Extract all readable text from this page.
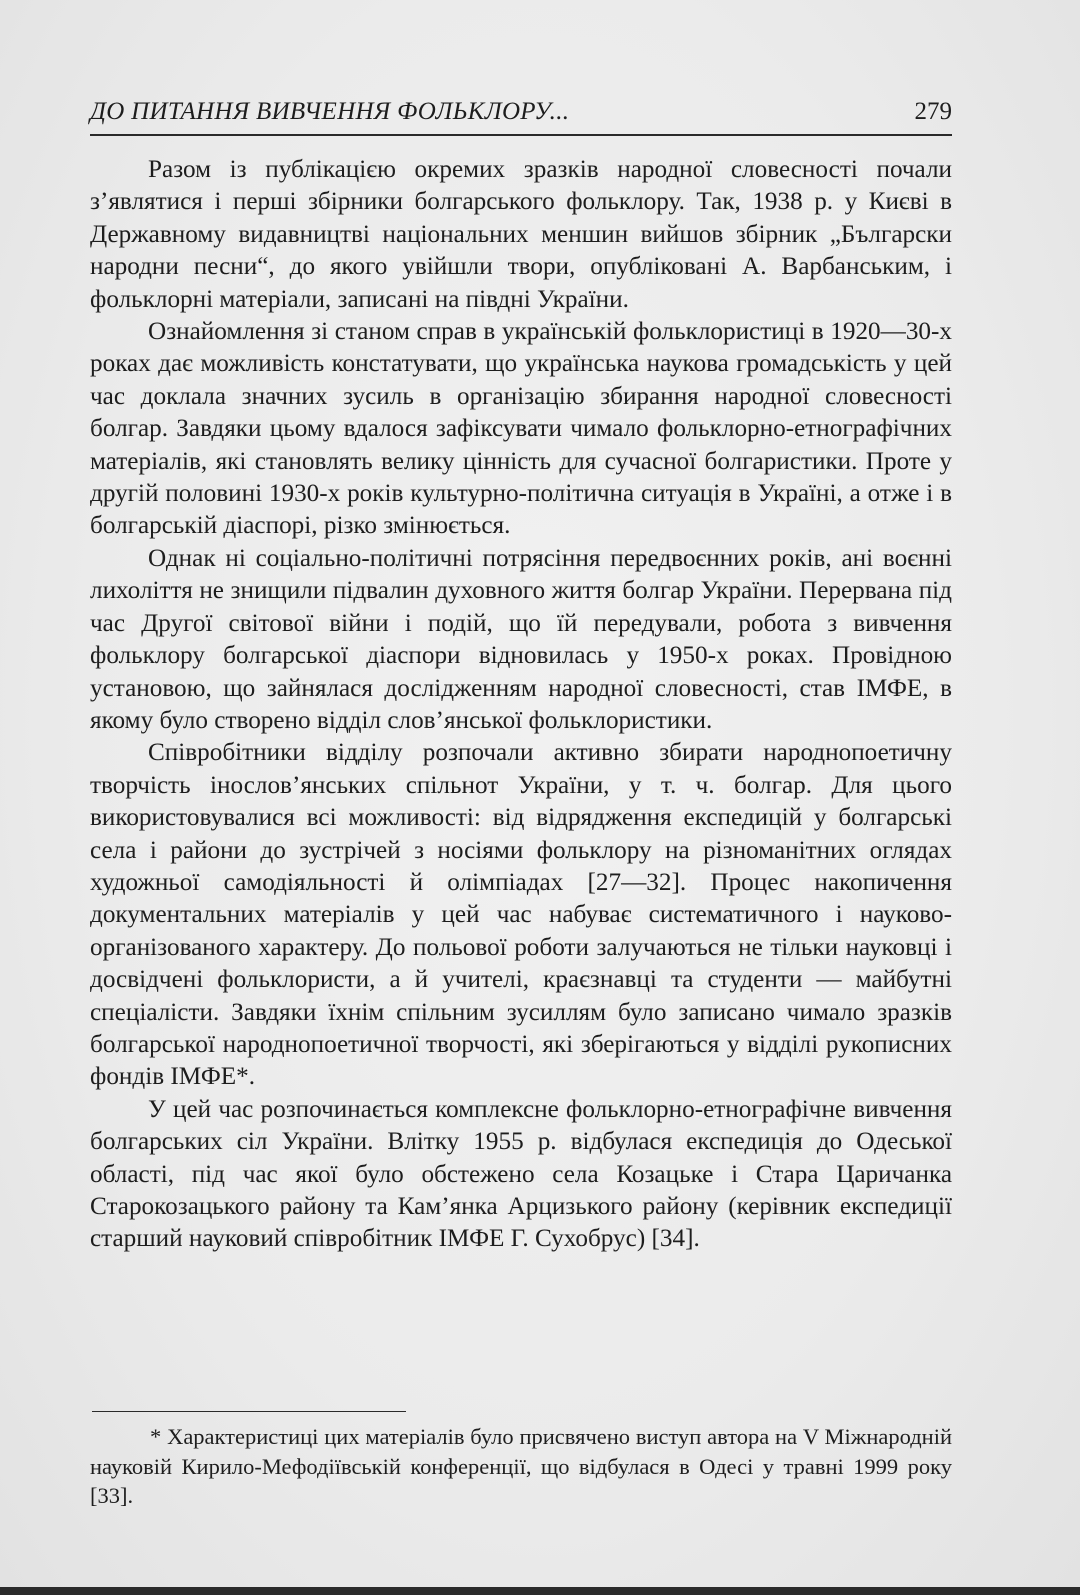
ДО ПИТАННЯ ВИВЧЕННЯ ФОЛЬКЛОРУ...	279

Разом із публікацією окремих зразків народної словесності почали з’являтися і перші збірники болгарського фольклору. Так, 1938 р. у Києві в Державному видавництві національних меншин вийшов збірник „Български народни песни“, до якого увійшли твори, опубліковані А. Варбанським, і фольклорні матеріали, записані на півдні України.

Ознайомлення зі станом справ в українській фольклористиці в 1920—30-х роках дає можливість констатувати, що українська наукова громадськість у цей час доклала значних зусиль в організацію збирання народної словесності болгар. Завдяки цьому вдалося зафіксувати чимало фольклорно-етнографічних матеріалів, які становлять велику цінність для сучасної болгаристики. Проте у другій половині 1930-х років культурно-політична ситуація в Україні, а отже і в болгарській діаспорі, різко змінюється.

Однак ні соціально-політичні потрясіння передвоєнних років, ані воєнні лихоліття не знищили підвалин духовного життя болгар України. Перервана під час Другої світової війни і подій, що їй передували, робота з вивчення фольклору болгарської діаспори відновилась у 1950-х роках. Провідною установою, що зайнялася дослідженням народної словесності, став ІМФЕ, в якому було створено відділ слов’янської фольклористики.

Співробітники відділу розпочали активно збирати народнопоетичну творчість інослов’янських спільнот України, у т. ч. болгар. Для цього використовувалися всі можливості: від відрядження експедицій у болгарські села і райони до зустрічей з носіями фольклору на різноманітних оглядах художньої самодіяльності й олімпіадах [27—32]. Процес накопичення документальних матеріалів у цей час набуває систематичного і науково-організованого характеру. До польової роботи залучаються не тільки науковці і досвідчені фольклористи, а й учителі, краєзнавці та студенти — майбутні спеціалісти. Завдяки їхнім спільним зусиллям було записано чимало зразків болгарської народнопоетичної творчості, які зберігаються у відділі рукописних фондів ІМФЕ*.

У цей час розпочинається комплексне фольклорно-етнографічне вивчення болгарських сіл України. Влітку 1955 р. відбулася експедиція до Одеської області, під час якої було обстежено села Козацьке і Стара Царичанка Старокозацького району та Кам’янка Арцизького району (керівник експедиції старший науковий співробітник ІМФЕ Г. Сухобрус) [34].

* Характеристиці цих матеріалів було присвячено виступ автора на V Міжнародній науковій Кирило-Мефодіївській конференції, що відбулася в Одесі у травні 1999 року [33].
